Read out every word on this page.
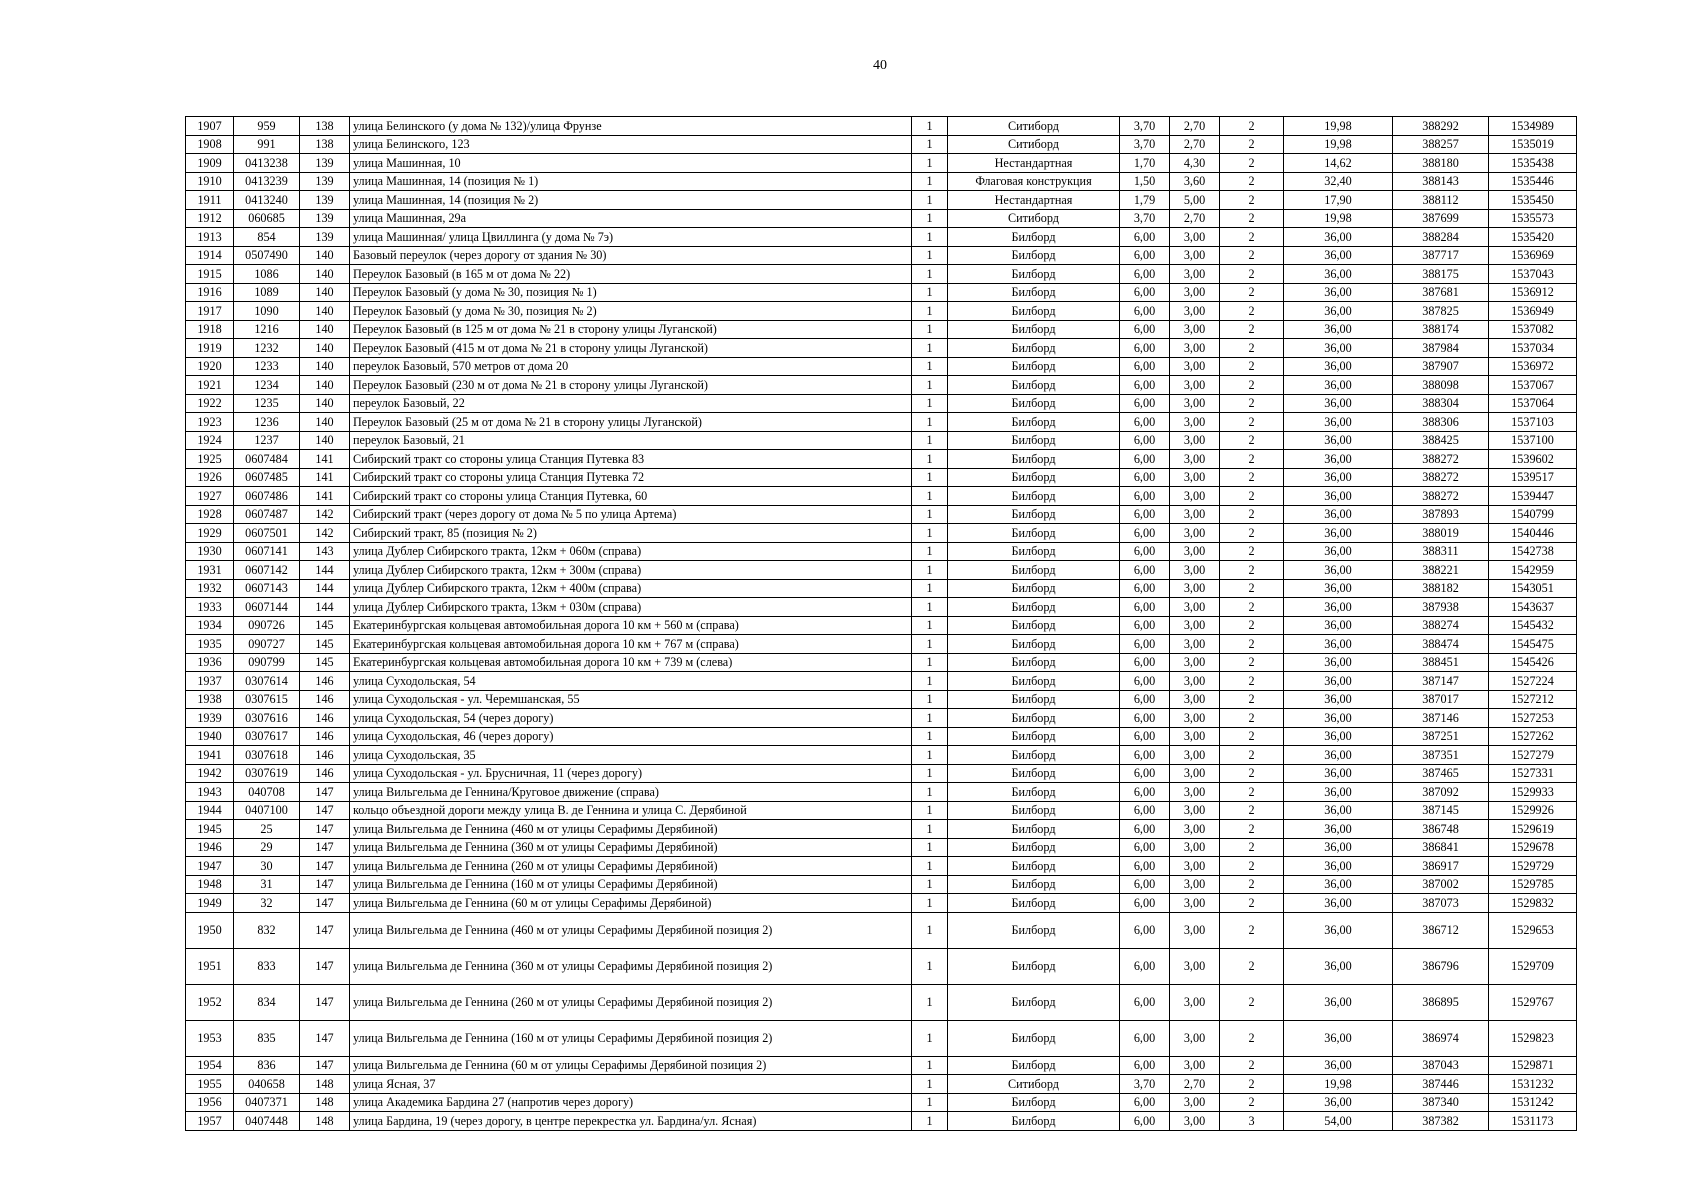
40
1907	959	138	улица Белинского (у дома № 132)/улица Фрунзе	1	Ситиборд	3,70	2,70	2	19,98	388292	1534989
1908	991	138	улица Белинского, 123	1	Ситиборд	3,70	2,70	2	19,98	388257	1535019
1909	0413238	139	улица Машинная, 10	1	Нестандартная	1,70	4,30	2	14,62	388180	1535438
1910	0413239	139	улица Машинная, 14 (позиция № 1)	1	Флаговая конструкция	1,50	3,60	2	32,40	388143	1535446
1911	0413240	139	улица Машинная, 14 (позиция № 2)	1	Нестандартная	1,79	5,00	2	17,90	388112	1535450
1912	060685	139	улица Машинная, 29а	1	Ситиборд	3,70	2,70	2	19,98	387699	1535573
1913	854	139	улица Машинная/ улица Цвиллинга (у дома № 7э)	1	Билборд	6,00	3,00	2	36,00	388284	1535420
1914	0507490	140	Базовый переулок (через дорогу от здания № 30)	1	Билборд	6,00	3,00	2	36,00	387717	1536969
1915	1086	140	Переулок Базовый (в 165 м от дома № 22)	1	Билборд	6,00	3,00	2	36,00	388175	1537043
1916	1089	140	Переулок Базовый (у дома № 30, позиция № 1)	1	Билборд	6,00	3,00	2	36,00	387681	1536912
1917	1090	140	Переулок Базовый (у дома № 30, позиция № 2)	1	Билборд	6,00	3,00	2	36,00	387825	1536949
1918	1216	140	Переулок Базовый (в 125 м от дома № 21 в сторону улицы Луганской)	1	Билборд	6,00	3,00	2	36,00	388174	1537082
1919	1232	140	Переулок Базовый (415 м от дома № 21 в сторону улицы Луганской)	1	Билборд	6,00	3,00	2	36,00	387984	1537034
1920	1233	140	переулок Базовый, 570 метров от дома 20	1	Билборд	6,00	3,00	2	36,00	387907	1536972
1921	1234	140	Переулок Базовый (230 м от дома № 21 в сторону улицы Луганской)	1	Билборд	6,00	3,00	2	36,00	388098	1537067
1922	1235	140	переулок Базовый, 22	1	Билборд	6,00	3,00	2	36,00	388304	1537064
1923	1236	140	Переулок Базовый (25 м от дома № 21 в сторону улицы Луганской)	1	Билборд	6,00	3,00	2	36,00	388306	1537103
1924	1237	140	переулок Базовый, 21	1	Билборд	6,00	3,00	2	36,00	388425	1537100
1925	0607484	141	Сибирский тракт со стороны улица Станция Путевка 83	1	Билборд	6,00	3,00	2	36,00	388272	1539602
1926	0607485	141	Сибирский тракт со стороны улица Станция Путевка 72	1	Билборд	6,00	3,00	2	36,00	388272	1539517
1927	0607486	141	Сибирский тракт со стороны улица Станция Путевка, 60	1	Билборд	6,00	3,00	2	36,00	388272	1539447
1928	0607487	142	Сибирский тракт (через дорогу от дома № 5 по улица Артема)	1	Билборд	6,00	3,00	2	36,00	387893	1540799
1929	0607501	142	Сибирский тракт, 85 (позиция № 2)	1	Билборд	6,00	3,00	2	36,00	388019	1540446
1930	0607141	143	улица Дублер Сибирского тракта, 12км + 060м (справа)	1	Билборд	6,00	3,00	2	36,00	388311	1542738
1931	0607142	144	улица Дублер Сибирского тракта, 12км + 300м (справа)	1	Билборд	6,00	3,00	2	36,00	388221	1542959
1932	0607143	144	улица Дублер Сибирского тракта, 12км + 400м (справа)	1	Билборд	6,00	3,00	2	36,00	388182	1543051
1933	0607144	144	улица Дублер Сибирского тракта, 13км + 030м (справа)	1	Билборд	6,00	3,00	2	36,00	387938	1543637
1934	090726	145	Екатеринбургская кольцевая автомобильная дорога 10 км + 560 м (справа)	1	Билборд	6,00	3,00	2	36,00	388274	1545432
1935	090727	145	Екатеринбургская кольцевая автомобильная дорога 10 км + 767 м (справа)	1	Билборд	6,00	3,00	2	36,00	388474	1545475
1936	090799	145	Екатеринбургская кольцевая автомобильная дорога 10 км + 739 м (слева)	1	Билборд	6,00	3,00	2	36,00	388451	1545426
1937	0307614	146	улица Суходольская, 54	1	Билборд	6,00	3,00	2	36,00	387147	1527224
1938	0307615	146	улица Суходольская - ул. Черемшанская, 55	1	Билборд	6,00	3,00	2	36,00	387017	1527212
1939	0307616	146	улица Суходольская, 54 (через дорогу)	1	Билборд	6,00	3,00	2	36,00	387146	1527253
1940	0307617	146	улица Суходольская, 46 (через дорогу)	1	Билборд	6,00	3,00	2	36,00	387251	1527262
1941	0307618	146	улица Суходольская, 35	1	Билборд	6,00	3,00	2	36,00	387351	1527279
1942	0307619	146	улица Суходольская - ул. Брусничная, 11 (через дорогу)	1	Билборд	6,00	3,00	2	36,00	387465	1527331
1943	040708	147	улица Вильгельма де Геннина/Круговое движение (справа)	1	Билборд	6,00	3,00	2	36,00	387092	1529933
1944	0407100	147	кольцо объездной дороги между улица В. де Геннина и улица С. Дерябиной	1	Билборд	6,00	3,00	2	36,00	387145	1529926
1945	25	147	улица Вильгельма де Геннина (460 м от улицы Серафимы Дерябиной)	1	Билборд	6,00	3,00	2	36,00	386748	1529619
1946	29	147	улица Вильгельма де Геннина (360 м от улицы Серафимы Дерябиной)	1	Билборд	6,00	3,00	2	36,00	386841	1529678
1947	30	147	улица Вильгельма де Геннина (260 м от улицы Серафимы Дерябиной)	1	Билборд	6,00	3,00	2	36,00	386917	1529729
1948	31	147	улица Вильгельма де Геннина (160 м от улицы Серафимы Дерябиной)	1	Билборд	6,00	3,00	2	36,00	387002	1529785
1949	32	147	улица Вильгельма де Геннина (60 м от улицы Серафимы Дерябиной)	1	Билборд	6,00	3,00	2	36,00	387073	1529832
1950	832	147	улица Вильгельма де Геннина (460 м от улицы Серафимы Дерябиной позиция 2)	1	Билборд	6,00	3,00	2	36,00	386712	1529653
1951	833	147	улица Вильгельма де Геннина (360 м от улицы Серафимы Дерябиной позиция 2)	1	Билборд	6,00	3,00	2	36,00	386796	1529709
1952	834	147	улица Вильгельма де Геннина (260 м от улицы Серафимы Дерябиной позиция 2)	1	Билборд	6,00	3,00	2	36,00	386895	1529767
1953	835	147	улица Вильгельма де Геннина (160 м от улицы Серафимы Дерябиной позиция 2)	1	Билборд	6,00	3,00	2	36,00	386974	1529823
1954	836	147	улица Вильгельма де Геннина (60 м от улицы Серафимы Дерябиной позиция 2)	1	Билборд	6,00	3,00	2	36,00	387043	1529871
1955	040658	148	улица Ясная, 37	1	Ситиборд	3,70	2,70	2	19,98	387446	1531232
1956	0407371	148	улица Академика Бардина 27 (напротив через дорогу)	1	Билборд	6,00	3,00	2	36,00	387340	1531242
1957	0407448	148	улица Бардина, 19 (через дорогу, в центре перекрестка ул. Бардина/ул. Ясная)	1	Билборд	6,00	3,00	3	54,00	387382	1531173
